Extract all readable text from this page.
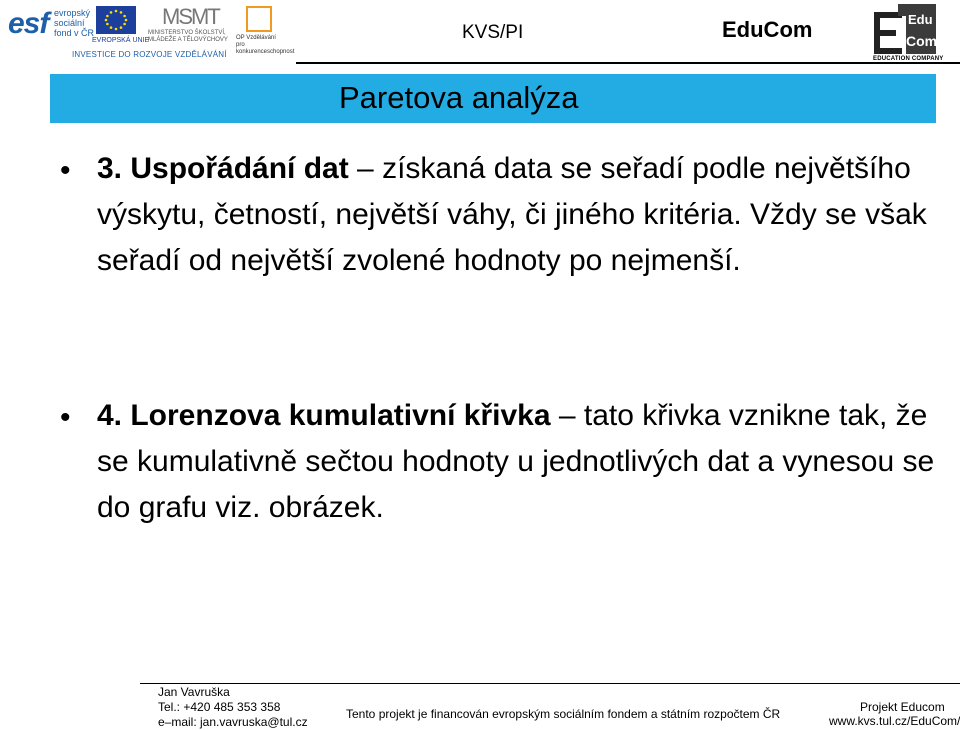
esf evropský
sociální
fond v ČR
EVROPSKÁ UNIE
MSMT
MINISTERSTVO ŠKOLSTVÍ,
MLÁDEŽE A TĚLOVÝCHOVY	OP Vzdělávání
pro konkurenceschopnost
INVESTICE DO ROZVOJE VZDĚLÁVÁNÍ
KVS/PI	EduCom	Edu
Com
EDUCATION COMPANY
Paretova analýza
• 3. Uspořádání dat – získaná data se seřadí podle největšího výskytu, četností, největší váhy, či jiného kritéria. Vždy se však seřadí od největší zvolené hodnoty po nejmenší.
• 4. Lorenzova kumulativní křivka – tato křivka vznikne tak, že se kumulativně sečtou hodnoty u jednotlivých dat a vynesou se do grafu viz. obrázek.
Jan Vavruška
Tel.: +420 485 353 358
e–mail: jan.vavruska@tul.cz
Tento projekt je financován evropským sociálním fondem a státním rozpočtem ČR	Projekt Educom
www.kvs.tul.cz/EduCom/
